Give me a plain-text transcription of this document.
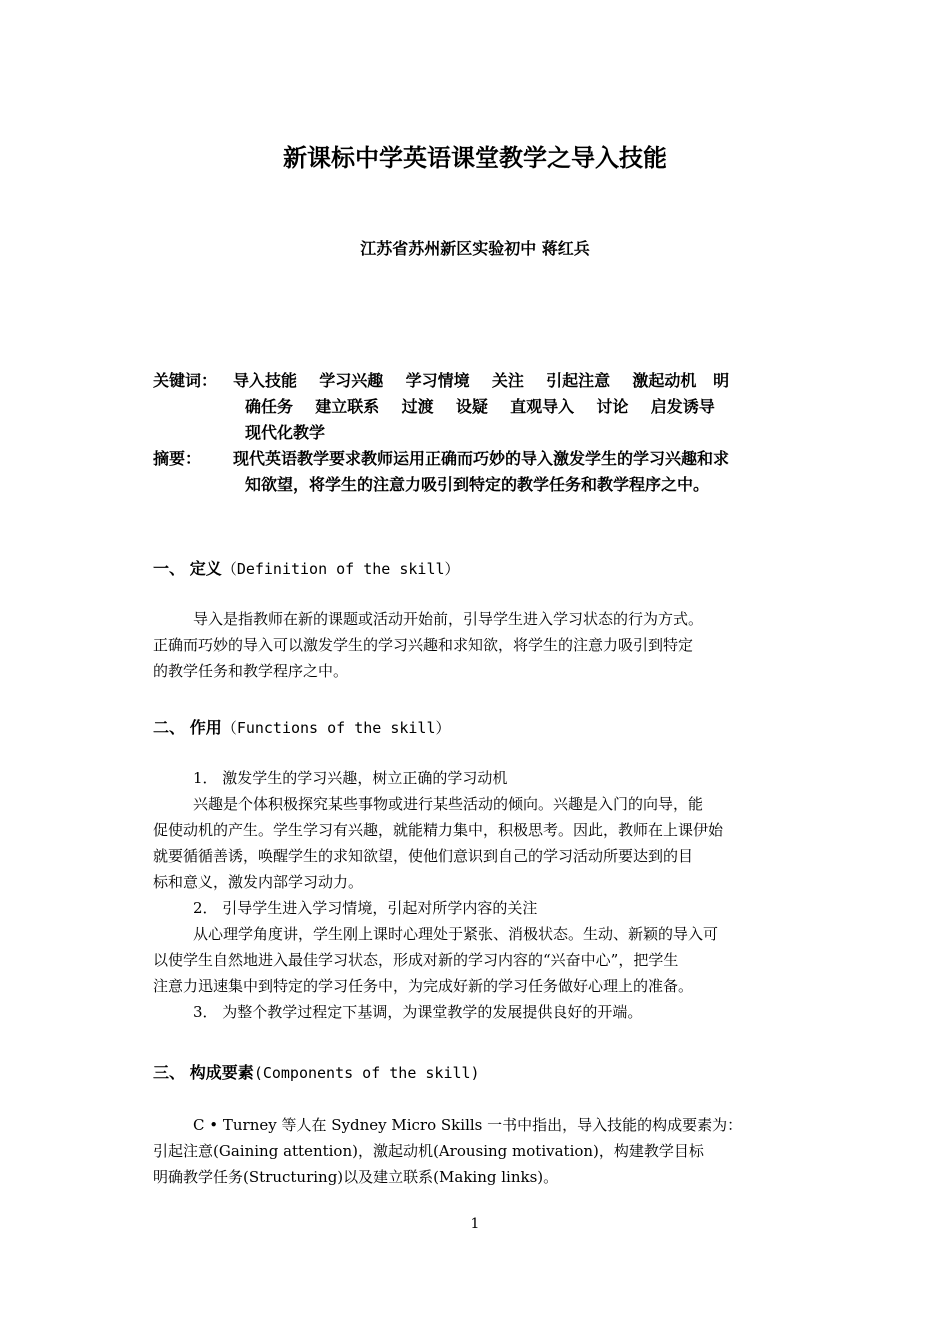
新课标中学英语课堂教学之导入技能
江苏省苏州新区实验初中 蒋红兵
关键词： 导入技能    学习兴趣    学习情境    关注    引起注意    激起动机   明
确任务    建立联系    过渡    设疑    直观导入    讨论    启发诱导
现代化教学
摘要： 现代英语教学要求教师运用正确而巧妙的导入激发学生的学习兴趣和求
知欲望，将学生的注意力吸引到特定的教学任务和教学程序之中。
一、 定义（Definition of the skill）
导入是指教师在新的课题或活动开始前，引导学生进入学习状态的行为方式。
正确而巧妙的导入可以激发学生的学习兴趣和求知欲，将学生的注意力吸引到特定
的教学任务和教学程序之中。
二、 作用（Functions of the skill）
1． 激发学生的学习兴趣，树立正确的学习动机
兴趣是个体积极探究某些事物或进行某些活动的倾向。兴趣是入门的向导，能
促使动机的产生。学生学习有兴趣，就能精力集中，积极思考。因此，教师在上课伊始
就要循循善诱，唤醒学生的求知欲望，使他们意识到自己的学习活动所要达到的目
标和意义，激发内部学习动力。
2． 引导学生进入学习情境，引起对所学内容的关注
从心理学角度讲，学生刚上课时心理处于紧张、消极状态。生动、新颖的导入可
以使学生自然地进入最佳学习状态，形成对新的学习内容的“兴奋中心”，把学生
注意力迅速集中到特定的学习任务中，为完成好新的学习任务做好心理上的准备。
3． 为整个教学过程定下基调，为课堂教学的发展提供良好的开端。
三、 构成要素(Components of the skill)
C • Turney 等人在 Sydney Micro Skills 一书中指出，导入技能的构成要素为：
引起注意(Gaining attention)，激起动机(Arousing motivation)，构建教学目标
明确教学任务(Structuring)以及建立联系(Making links)。
1
